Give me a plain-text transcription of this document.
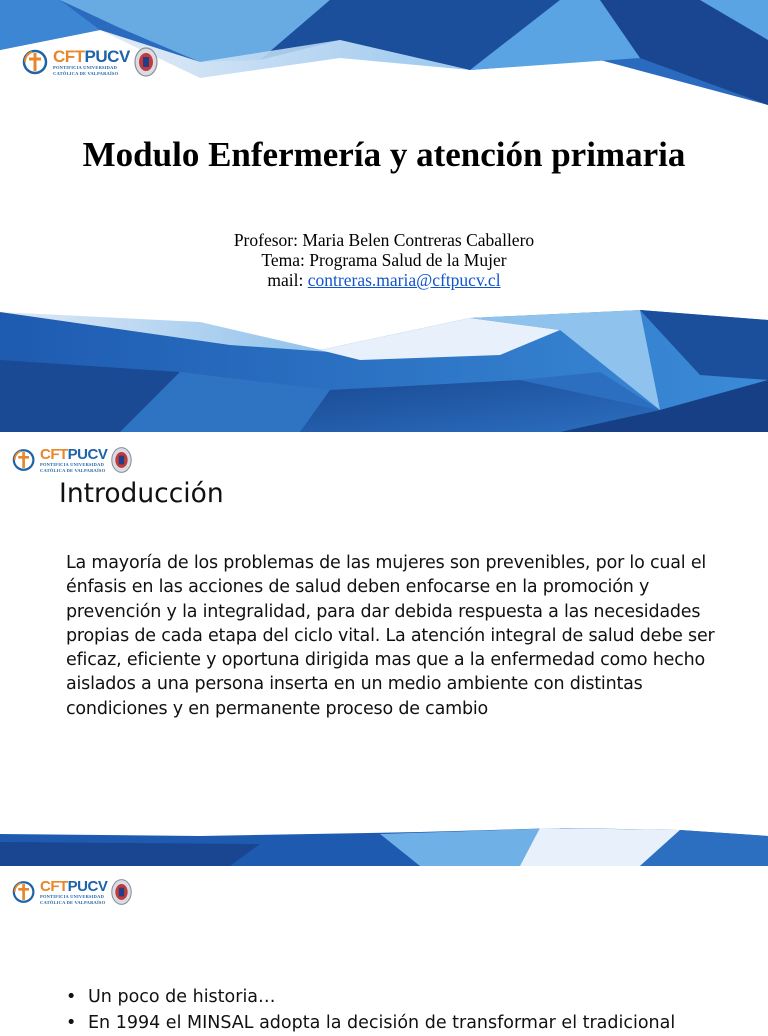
CFTPUCV
PONTIFICIA UNIVERSIDAD
CATÓLICA DE VALPARAÍSO
Modulo Enfermería y atención primaria
Profesor: Maria Belen Contreras Caballero
Tema: Programa Salud de la Mujer
mail: contreras.maria@cftpucv.cl
CFTPUCV
PONTIFICIA UNIVERSIDAD
CATÓLICA DE VALPARAÍSO
Introducción

La mayoría de los problemas de las mujeres son prevenibles, por lo cual el énfasis en las acciones de salud deben enfocarse en la promoción y prevención y la integralidad, para dar debida respuesta a las necesidades propias de cada etapa del ciclo vital. La atención integral de salud debe ser eficaz, eficiente y oportuna dirigida mas que a la enfermedad como hecho aislados a una persona inserta en un medio ambiente con distintas condiciones y en permanente proceso de cambio

CFTPUCV
PONTIFICIA UNIVERSIDAD
CATÓLICA DE VALPARAÍSO
• Un poco de historia…
• En 1994 el MINSAL adopta la decisión de transformar el tradicional
